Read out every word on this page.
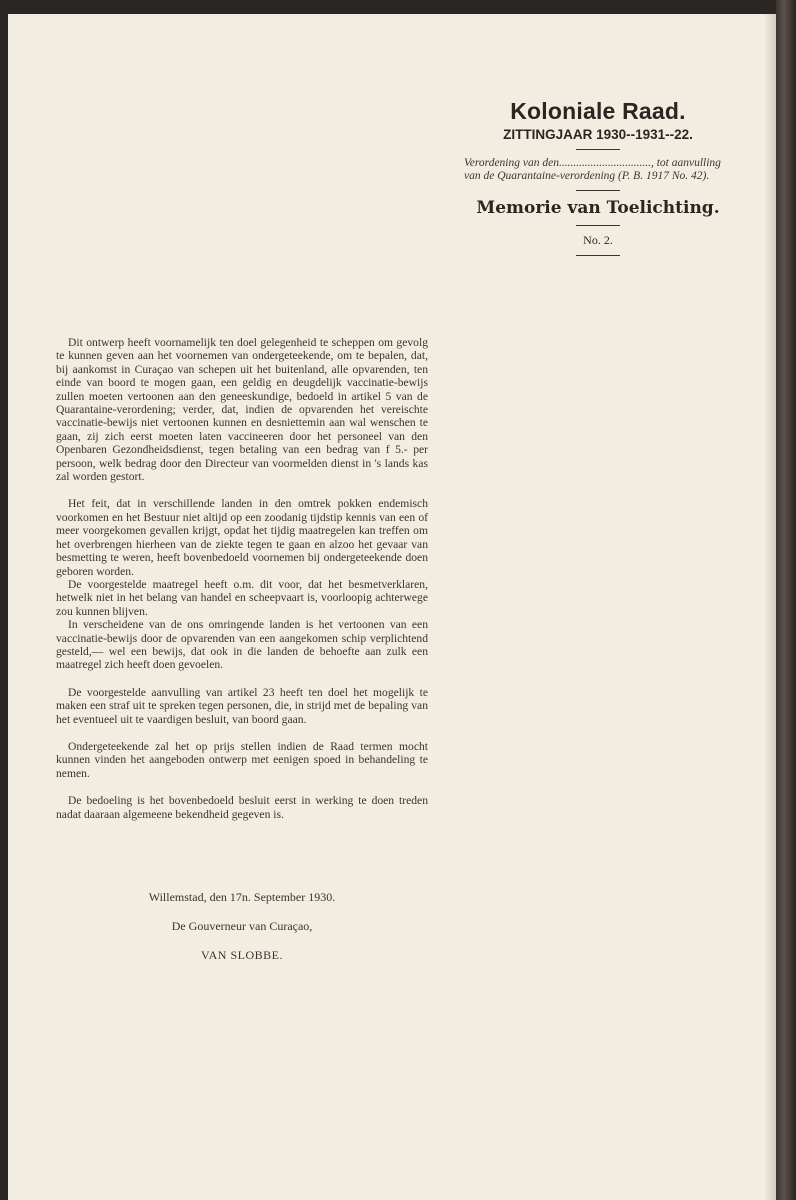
Koloniale Raad.
ZITTINGJAAR 1930--1931--22.
Verordening van den................................, tot aanvulling van de Quarantaine-verordening (P. B. 1917 No. 42).
Memorie van Toelichting.
No. 2.

Dit ontwerp heeft voornamelijk ten doel gelegenheid te scheppen om gevolg te kunnen geven aan het voornemen van ondergeteekende, om te bepalen, dat, bij aankomst in Curaçao van schepen uit het buitenland, alle opvarenden, ten einde van boord te mogen gaan, een geldig en deugdelijk vaccinatie-bewijs zullen moeten vertoonen aan den geneeskundige, bedoeld in artikel 5 van de Quarantaine-verordening; verder, dat, indien de opvarenden het vereischte vaccinatie-bewijs niet vertoonen kunnen en desniettemin aan wal wenschen te gaan, zij zich eerst moeten laten vaccineeren door het personeel van den Openbaren Gezondheidsdienst, tegen betaling van een bedrag van f 5.- per persoon, welk bedrag door den Directeur van voormelden dienst in 's lands kas zal worden gestort.

Het feit, dat in verschillende landen in den omtrek pokken endemisch voorkomen en het Bestuur niet altijd op een zoodanig tijdstip kennis van een of meer voorgekomen gevallen krijgt, opdat het tijdig maatregelen kan treffen om het overbrengen hierheen van de ziekte tegen te gaan en alzoo het gevaar van besmetting te weren, heeft bovenbedoeld voornemen bij ondergeteekende doen geboren worden.

De voorgestelde maatregel heeft o.m. dit voor, dat het besmetverklaren, hetwelk niet in het belang van handel en scheepvaart is, voorloopig achterwege zou kunnen blijven.

In verscheidene van de ons omringende landen is het vertoonen van een vaccinatie-bewijs door de opvarenden van een aangekomen schip verplichtend gesteld,— wel een bewijs, dat ook in die landen de behoefte aan zulk een maatregel zich heeft doen gevoelen.

De voorgestelde aanvulling van artikel 23 heeft ten doel het mogelijk te maken een straf uit te spreken tegen personen, die, in strijd met de bepaling van het eventueel uit te vaardigen besluit, van boord gaan.

Ondergeteekende zal het op prijs stellen indien de Raad termen mocht kunnen vinden het aangeboden ontwerp met eenigen spoed in behandeling te nemen.

De bedoeling is het bovenbedoeld besluit eerst in werking te doen treden nadat daaraan algemeene bekendheid gegeven is.

Willemstad, den 17n. September 1930.
De Gouverneur van Curaçao,
VAN SLOBBE.
